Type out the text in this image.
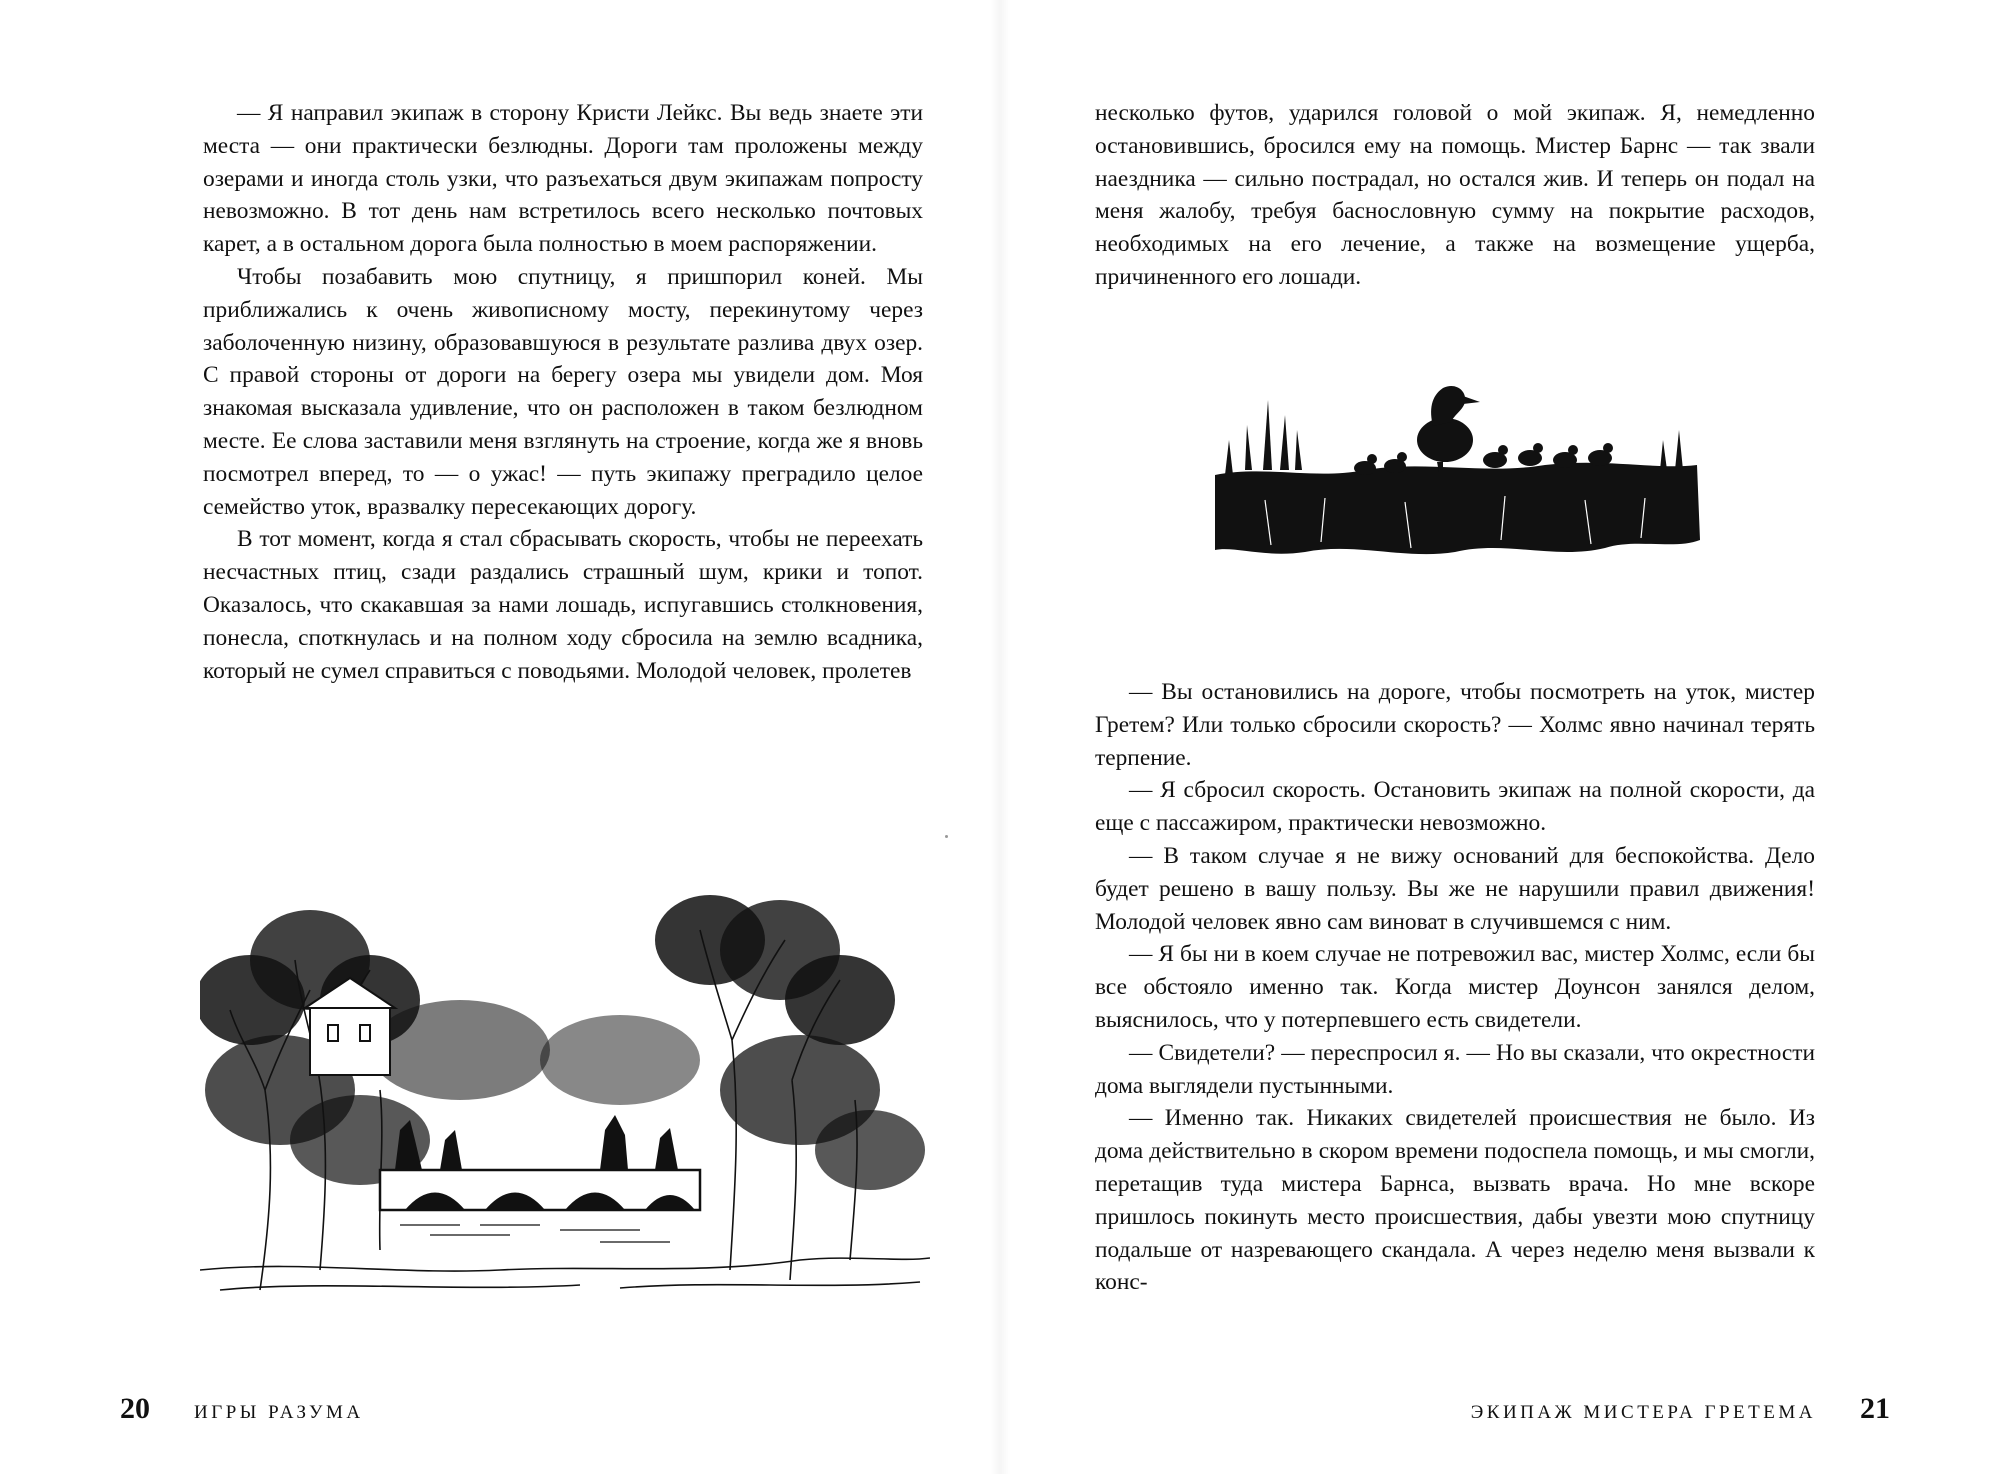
— Я направил экипаж в сторону Кристи Лейкс. Вы ведь знаете эти места — они практически безлюдны. Дороги там проложены между озерами и иногда столь узки, что разъехаться двум экипажам попросту невозможно. В тот день нам встретилось всего несколько почтовых карет, а в остальном дорога была полностью в моем распоряжении.

Чтобы позабавить мою спутницу, я пришпорил коней. Мы приближались к очень живописному мосту, перекинутому через заболоченную низину, образовавшуюся в результате разлива двух озер. С правой стороны от дороги на берегу озера мы увидели дом. Моя знакомая высказала удивление, что он расположен в таком безлюдном месте. Ее слова заставили меня взглянуть на строение, когда же я вновь посмотрел вперед, то — о ужас! — путь экипажу преградило целое семейство уток, вразвалку пересекающих дорогу.

В тот момент, когда я стал сбрасывать скорость, чтобы не переехать несчастных птиц, сзади раздались страшный шум, крики и топот. Оказалось, что скакавшая за нами лошадь, испугавшись столкновения, понесла, споткнулась и на полном ходу сбросила на землю всадника, который не сумел справиться с поводьями. Молодой человек, пролетев

20 ИГРЫ РАЗУМА

несколько футов, ударился головой о мой экипаж. Я, немедленно остановившись, бросился ему на помощь. Мистер Барнс — так звали наездника — сильно пострадал, но остался жив. И теперь он подал на меня жалобу, требуя баснословную сумму на покрытие расходов, необходимых на его лечение, а также на возмещение ущерба, причиненного его лошади.

— Вы остановились на дороге, чтобы посмотреть на уток, мистер Гретем? Или только сбросили скорость? — Холмс явно начинал терять терпение.

— Я сбросил скорость. Остановить экипаж на полной скорости, да еще с пассажиром, практически невозможно.

— В таком случае я не вижу оснований для беспокойства. Дело будет решено в вашу пользу. Вы же не нарушили правил движения! Молодой человек явно сам виноват в случившемся с ним.

— Я бы ни в коем случае не потревожил вас, мистер Холмс, если бы все обстояло именно так. Когда мистер Доунсон занялся делом, выяснилось, что у потерпевшего есть свидетели.

— Свидетели? — переспросил я. — Но вы сказали, что окрестности дома выглядели пустынными.

— Именно так. Никаких свидетелей происшествия не было. Из дома действительно в скором времени подоспела помощь, и мы смогли, перетащив туда мистера Барнса, вызвать врача. Но мне вскоре пришлось покинуть место происшествия, дабы увезти мою спутницу подальше от назревающего скандала. А через неделю меня вызвали к конс-

ЭКИПАЖ МИСТЕРА ГРЕТЕМА 21
